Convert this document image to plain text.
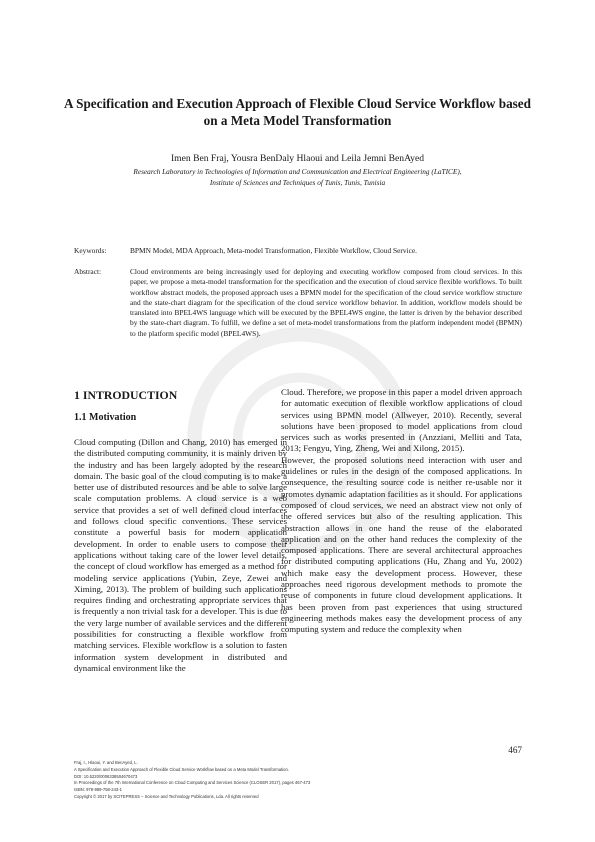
A Specification and Execution Approach of Flexible Cloud Service Workflow based on a Meta Model Transformation
Imen Ben Fraj, Yousra BenDaly Hlaoui and Leila Jemni BenAyed
Research Laboratory in Technologies of Information and Communication and Electrical Engineering (LaTICE),
Institute of Sciences and Techniques of Tunis, Tunis, Tunisia
Keywords:	BPMN Model, MDA Approach, Meta-model Transformation, Flexible Workflow, Cloud Service.
Abstract:	Cloud environments are being increasingly used for deploying and executing workflow composed from cloud services. In this paper, we propose a meta-model transformation for the specification and the execution of cloud service flexible workflows. To built workflow abstract models, the proposed approach uses a BPMN model for the specification of the cloud service workflow structure and the state-chart diagram for the specification of the cloud service workflow behavior. In addition, workflow models should be translated into BPEL4WS language which will be executed by the BPEL4WS engine, the latter is driven by the behavior described by the state-chart diagram. To fulfill, we define a set of meta-model transformations from the platform independent model (BPMN) to the platform specific model (BPEL4WS).
1 INTRODUCTION
1.1 Motivation

Cloud computing (Dillon and Chang, 2010) has emerged in the distributed computing community, it is mainly driven by the industry and has been largely adopted by the research domain. The basic goal of the cloud computing is to make a better use of distributed resources and be able to solve large scale computation problems. A cloud service is a web service that provides a set of well defined cloud interfaces and follows cloud specific conventions. These services constitute a powerful basis for modern application development. In order to enable users to compose their applications without taking care of the lower level details, the concept of cloud workflow has emerged as a method for modeling service applications (Yubin, Zeye, Zewei and Ximing, 2013). The problem of building such applications requires finding and orchestrating appropriate services that is frequently a non trivial task for a developer. This is due to the very large number of available services and the different possibilities for constructing a flexible workflow from matching services. Flexible workflow is a solution to fasten information system development in distributed and dynamical environment like the

Cloud. Therefore, we propose in this paper a model driven approach for automatic execution of flexible workflow applications of cloud services using BPMN model (Allweyer, 2010). Recently, several solutions have been proposed to model applications from cloud services such as works presented in (Anzziani, Melliti and Tata, 2013; Fengyu, Ying, Zheng, Wei and Xilong, 2015).

However, the proposed solutions need interaction with user and guidelines or rules in the design of the composed applications. In consequence, the resulting source code is neither re-usable nor it promotes dynamic adaptation facilities as it should. For applications composed of cloud services, we need an abstract view not only of the offered services but also of the resulting application. This abstraction allows in one hand the reuse of the elaborated application and on the other hand reduces the complexity of the composed applications. There are several architectural approaches for distributed computing applications (Hu, Zhang and Yu, 2002) which make easy the development process. However, these approaches need rigorous development methods to promote the reuse of components in future cloud development applications. It has been proven from past experiences that using structured engineering methods makes easy the development process of any computing system and reduce the complexity when

467
Fraj, I., Hlaoui, Y. and BenAyed, L.
A Specification and Execution Approach of Flexible Cloud Service Workflow based on a Meta Model Transformation.
DOI: 10.5220/0006338504670473
In Proceedings of the 7th International Conference on Cloud Computing and Services Science (CLOSER 2017), pages 467-473
ISBN: 978-989-758-243-1
Copyright © 2017 by SCITEPRESS – Science and Technology Publications, Lda. All rights reserved
